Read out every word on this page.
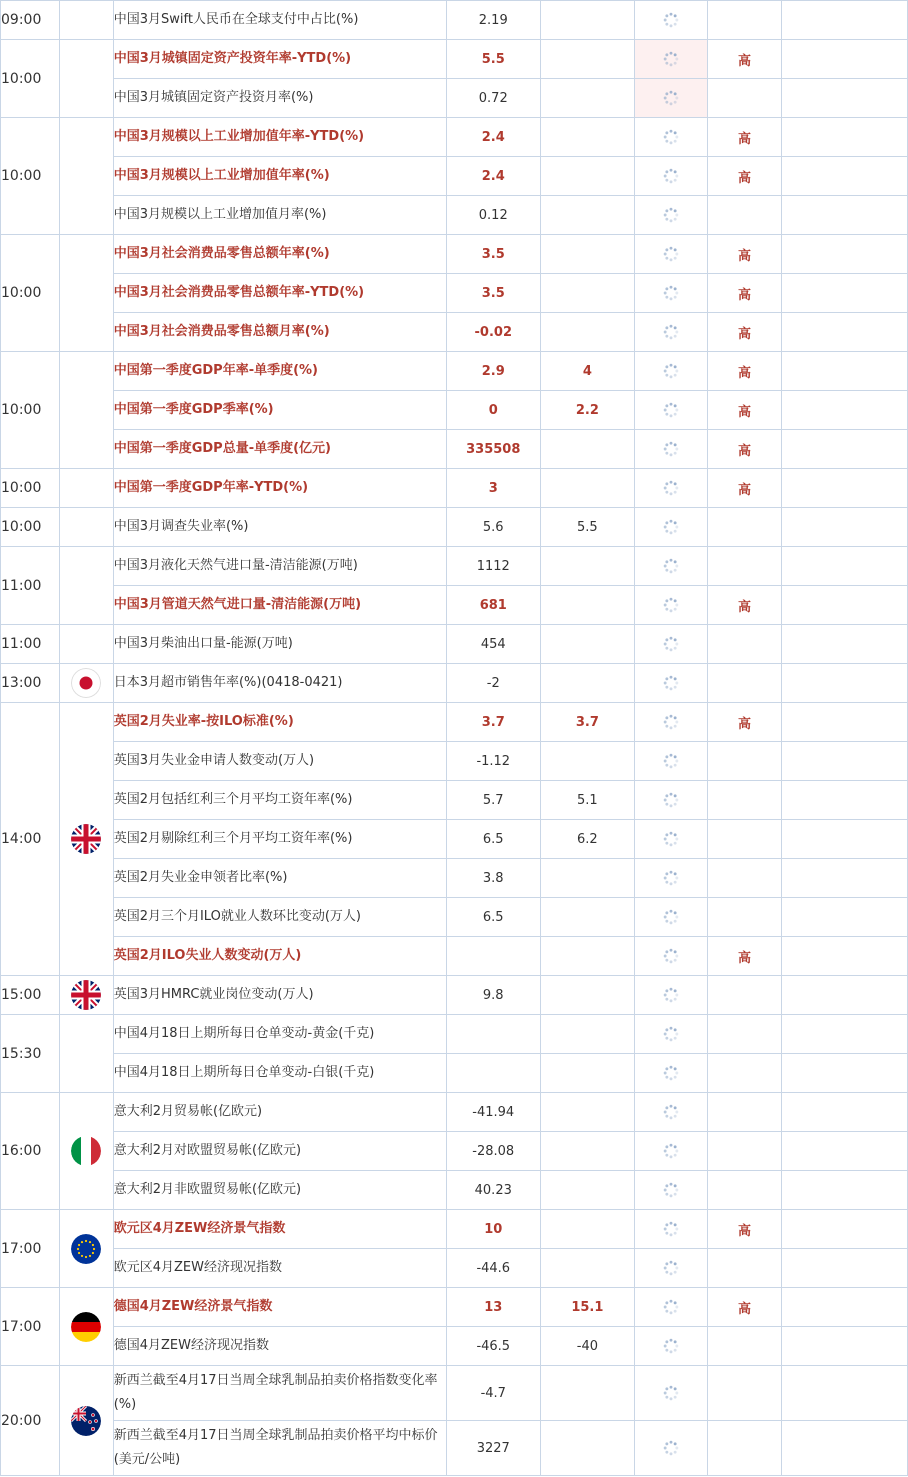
09:00		中国3月Swift人民币在全球支付中占比(%)	2.19				
10:00		中国3月城镇固定资产投资年率-YTD(%)	5.5			高	
		中国3月城镇固定资产投资月率(%)	0.72				
10:00		中国3月规模以上工业增加值年率-YTD(%)	2.4			高	
		中国3月规模以上工业增加值年率(%)	2.4			高	
		中国3月规模以上工业增加值月率(%)	0.12				
10:00		中国3月社会消费品零售总额年率(%)	3.5			高	
		中国3月社会消费品零售总额年率-YTD(%)	3.5			高	
		中国3月社会消费品零售总额月率(%)	-0.02			高	
10:00		中国第一季度GDP年率-单季度(%)	2.9	4		高	
		中国第一季度GDP季率(%)	0	2.2		高	
		中国第一季度GDP总量-单季度(亿元)	335508			高	
10:00		中国第一季度GDP年率-YTD(%)	3			高	
10:00		中国3月调查失业率(%)	5.6	5.5			
11:00		中国3月液化天然气进口量-清洁能源(万吨)	1112				
		中国3月管道天然气进口量-清洁能源(万吨)	681			高	
11:00		中国3月柴油出口量-能源(万吨)	454				
13:00		日本3月超市销售年率(%)(0418-0421)	-2				
14:00		英国2月失业率-按ILO标准(%)	3.7	3.7		高	
		英国3月失业金申请人数变动(万人)	-1.12				
		英国2月包括红利三个月平均工资年率(%)	5.7	5.1			
		英国2月剔除红利三个月平均工资年率(%)	6.5	6.2			
		英国2月失业金申领者比率(%)	3.8				
		英国2月三个月ILO就业人数环比变动(万人)	6.5				
		英国2月ILO失业人数变动(万人)				高	
15:00		英国3月HMRC就业岗位变动(万人)	9.8				
15:30		中国4月18日上期所每日仓单变动-黄金(千克)					
		中国4月18日上期所每日仓单变动-白银(千克)					
16:00		意大利2月贸易帐(亿欧元)	-41.94				
		意大利2月对欧盟贸易帐(亿欧元)	-28.08				
		意大利2月非欧盟贸易帐(亿欧元)	40.23				
17:00		欧元区4月ZEW经济景气指数	10			高	
		欧元区4月ZEW经济现况指数	-44.6				
17:00		德国4月ZEW经济景气指数	13	15.1		高	
		德国4月ZEW经济现况指数	-46.5	-40			
20:00		新西兰截至4月17日当周全球乳制品拍卖价格指数变化率(%)	-4.7				
		新西兰截至4月17日当周全球乳制品拍卖价格平均中标价(美元/公吨)	3227				
